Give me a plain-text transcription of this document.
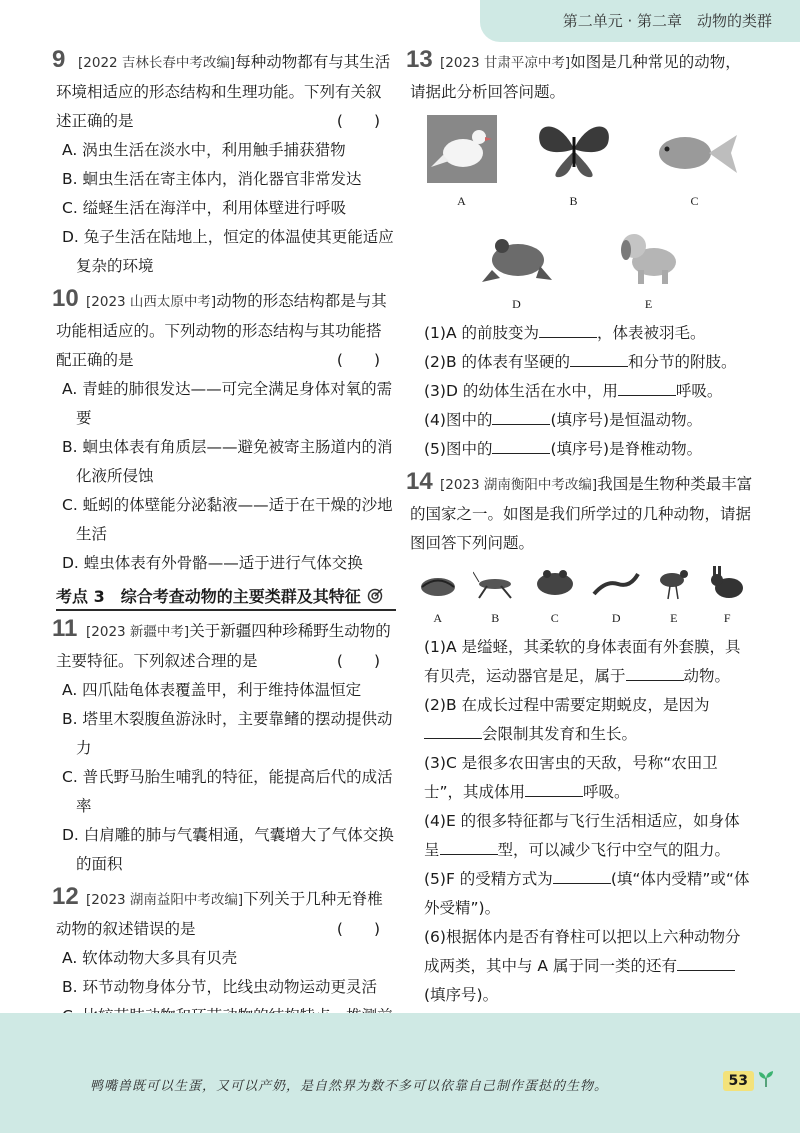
第二单元 · 第二章　动物的类群
9 [2022 吉林长春中考改编]每种动物都有与其生活环境相适应的形态结构和生理功能。下列有关叙述正确的是	(　　)
A. 涡虫生活在淡水中，利用触手捕获猎物
B. 蛔虫生活在寄主体内，消化器官非常发达
C. 缢蛏生活在海洋中，利用体壁进行呼吸
D. 兔子生活在陆地上，恒定的体温使其更能适应复杂的环境
10 [2023 山西太原中考]动物的形态结构都是与其功能相适应的。下列动物的形态结构与其功能搭配正确的是	(　　)
A. 青蛙的肺很发达——可完全满足身体对氧的需要
B. 蛔虫体表有角质层——避免被寄主肠道内的消化液所侵蚀
C. 蚯蚓的体壁能分泌黏液——适于在干燥的沙地生活
D. 蝗虫体表有外骨骼——适于进行气体交换
考点 3　综合考查动物的主要类群及其特征
11 [2023 新疆中考]关于新疆四种珍稀野生动物的主要特征。下列叙述合理的是	(　　)
A. 四爪陆龟体表覆盖甲，利于维持体温恒定
B. 塔里木裂腹鱼游泳时，主要靠鳍的摆动提供动力
C. 普氏野马胎生哺乳的特征，能提高后代的成活率
D. 白肩雕的肺与气囊相通，气囊增大了气体交换的面积
12 [2023 湖南益阳中考改编]下列关于几种无脊椎动物的叙述错误的是	(　　)
A. 软体动物大多具有贝壳
B. 环节动物身体分节，比线虫动物运动更灵活
13 [2023 甘肃平凉中考]如图是几种常见的动物，请据此分析回答问题。
A	B	C
D	E
(1)A 的前肢变为	，体表被羽毛。
(2)B 的体表有坚硬的	和分节的附肢。
(3)D 的幼体生活在水中，用	呼吸。
(4)图中的	(填序号)是恒温动物。
(5)图中的	(填序号)是脊椎动物。
14 [2023 湖南衡阳中考改编]我国是生物种类最丰富的国家之一。如图是我们所学过的几种动物，请据图回答下列问题。
A	B	C	D	E	F
(1)A 是缢蛏，其柔软的身体表面有外套膜，具有贝壳，运动器官是足，属于	动物。
(2)B 在成长过程中需要定期蜕皮，是因为会限制其发育和生长。
(3)C 是很多农田害虫的天敌，号称“农田卫士”，其成体用	呼吸。
(4)E 的很多特征都与飞行生活相适应，如身体呈	型，可以减少飞行中空气的阻力。
(5)F 的受精方式为	(填“体内受精”或“体外受精”)。
(6)根据体内是否有脊柱可以把以上六种动物分成两类，其中与 A 属于同一类的还有(填序号)。
鸭嘴兽既可以生蛋，又可以产奶，是自然界为数不多可以依靠自己制作蛋挞的生物。	53
